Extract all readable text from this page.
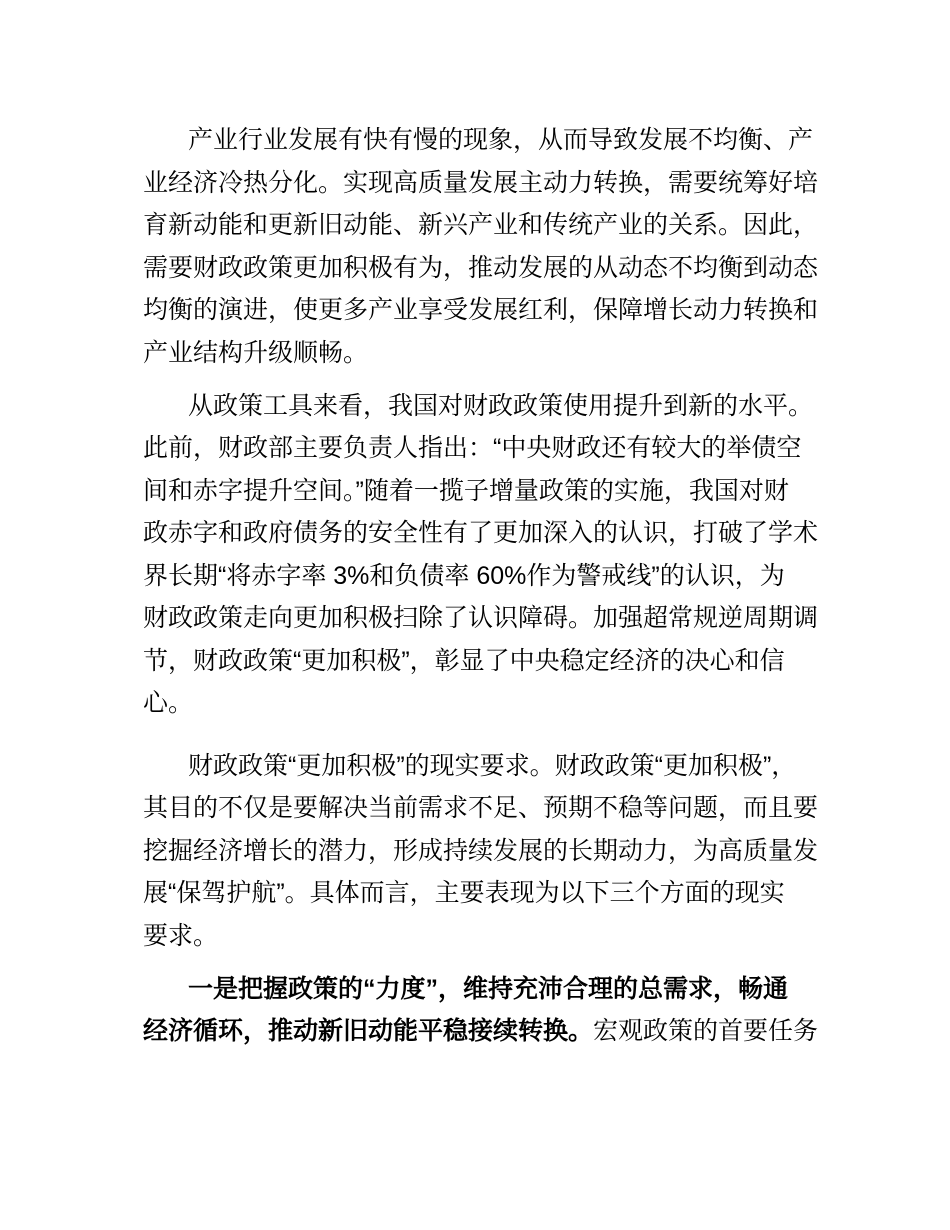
产业行业发展有快有慢的现象，从而导致发展不均衡、产
业经济冷热分化。实现高质量发展主动力转换，需要统筹好培
育新动能和更新旧动能、新兴产业和传统产业的关系。因此，
需要财政政策更加积极有为，推动发展的从动态不均衡到动态
均衡的演进，使更多产业享受发展红利，保障增长动力转换和
产业结构升级顺畅。
从政策工具来看，我国对财政政策使用提升到新的水平。
此前，财政部主要负责人指出：“中央财政还有较大的举债空
间和赤字提升空间。”随着一揽子增量政策的实施，我国对财
政赤字和政府债务的安全性有了更加深入的认识，打破了学术
界长期“将赤字率 3%和负债率 60%作为警戒线”的认识，为
财政政策走向更加积极扫除了认识障碍。加强超常规逆周期调
节，财政政策“更加积极”，彰显了中央稳定经济的决心和信
心。
财政政策“更加积极”的现实要求。财政政策“更加积极”，
其目的不仅是要解决当前需求不足、预期不稳等问题，而且要
挖掘经济增长的潜力，形成持续发展的长期动力，为高质量发
展“保驾护航”。具体而言，主要表现为以下三个方面的现实
要求。
一是把握政策的“力度”，维持充沛合理的总需求，畅通
经济循环，推动新旧动能平稳接续转换。宏观政策的首要任务
